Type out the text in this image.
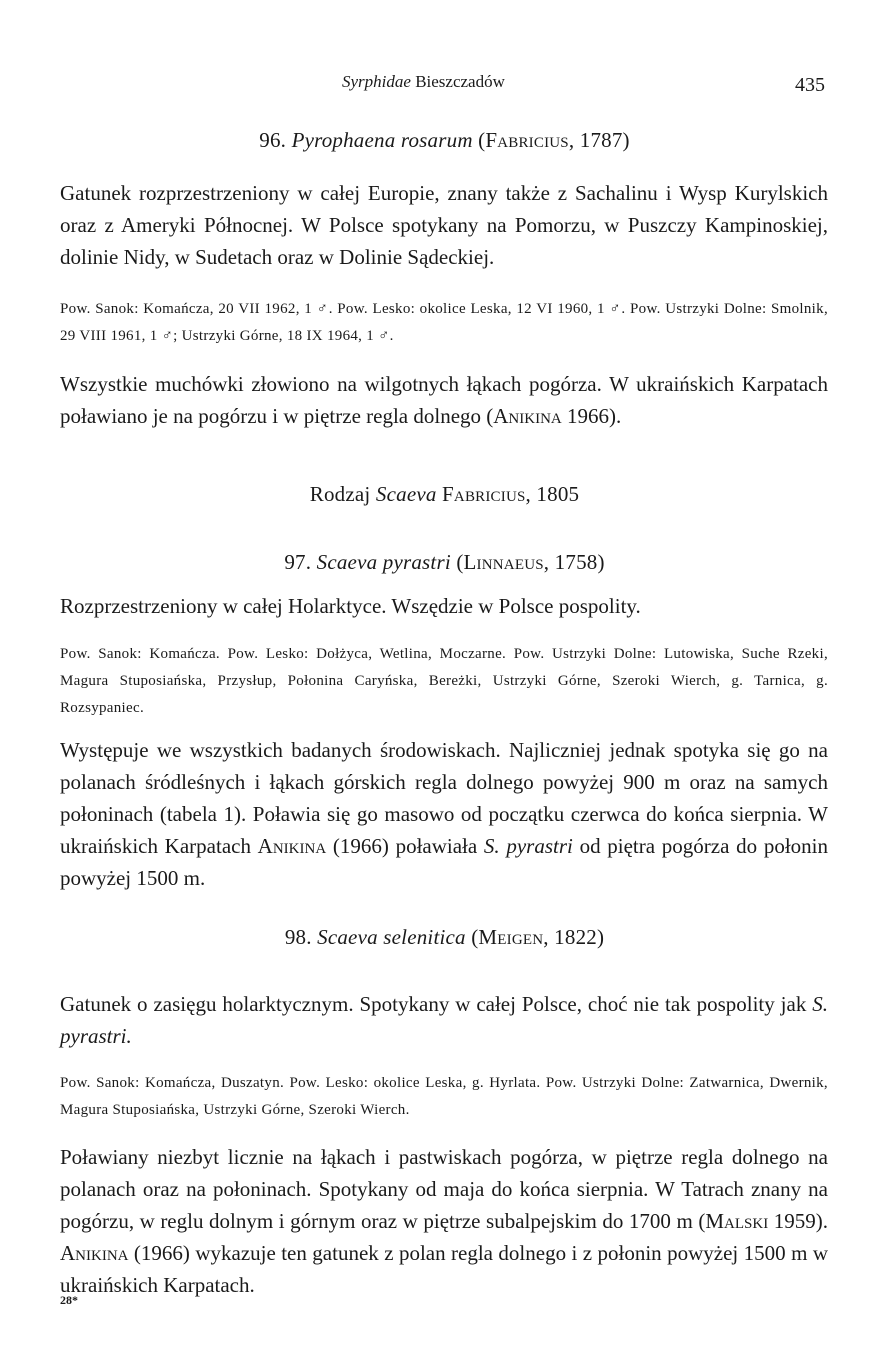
Syrphidae Bieszczadów	435
96. Pyrophaena rosarum (Fabricius, 1787)

Gatunek rozprzestrzeniony w całej Europie, znany także z Sachalinu i Wysp Kurylskich oraz z Ameryki Północnej. W Polsce spotykany na Pomorzu, w Puszczy Kampinoskiej, dolinie Nidy, w Sudetach oraz w Dolinie Sądeckiej.

Pow. Sanok: Komańcza, 20 VII 1962, 1 ♂. Pow. Lesko: okolice Leska, 12 VI 1960, 1 ♂. Pow. Ustrzyki Dolne: Smolnik, 29 VIII 1961, 1 ♂; Ustrzyki Górne, 18 IX 1964, 1 ♂.

Wszystkie muchówki złowiono na wilgotnych łąkach pogórza. W ukraińskich Karpatach poławiano je na pogórzu i w piętrze regla dolnego (Anikina 1966).

Rodzaj Scaeva Fabricius, 1805
97. Scaeva pyrastri (Linnaeus, 1758)

Rozprzestrzeniony w całej Holarktyce. Wszędzie w Polsce pospolity.

Pow. Sanok: Komańcza. Pow. Lesko: Dołżyca, Wetlina, Moczarne. Pow. Ustrzyki Dolne: Lutowiska, Suche Rzeki, Magura Stuposiańska, Przysłup, Połonina Caryńska, Bereżki, Ustrzyki Górne, Szeroki Wierch, g. Tarnica, g. Rozsypaniec.

Występuje we wszystkich badanych środowiskach. Najliczniej jednak spotyka się go na polanach śródleśnych i łąkach górskich regla dolnego powyżej 900 m oraz na samych połoninach (tabela 1). Poławia się go masowo od początku czerwca do końca sierpnia. W ukraińskich Karpatach Anikina (1966) poławiała S. pyrastri od piętra pogórza do połonin powyżej 1500 m.

98. Scaeva selenitica (Meigen, 1822)

Gatunek o zasięgu holarktycznym. Spotykany w całej Polsce, choć nie tak pospolity jak S. pyrastri.

Pow. Sanok: Komańcza, Duszatyn. Pow. Lesko: okolice Leska, g. Hyrlata. Pow. Ustrzyki Dolne: Zatwarnica, Dwernik, Magura Stuposiańska, Ustrzyki Górne, Szeroki Wierch.

Poławiany niezbyt licznie na łąkach i pastwiskach pogórza, w piętrze regla dolnego na polanach oraz na połoninach. Spotykany od maja do końca sierpnia. W Tatrach znany na pogórzu, w reglu dolnym i górnym oraz w piętrze subalpejskim do 1700 m (Malski 1959). Anikina (1966) wykazuje ten gatunek z polan regla dolnego i z połonin powyżej 1500 m w ukraińskich Karpatach.

28*
